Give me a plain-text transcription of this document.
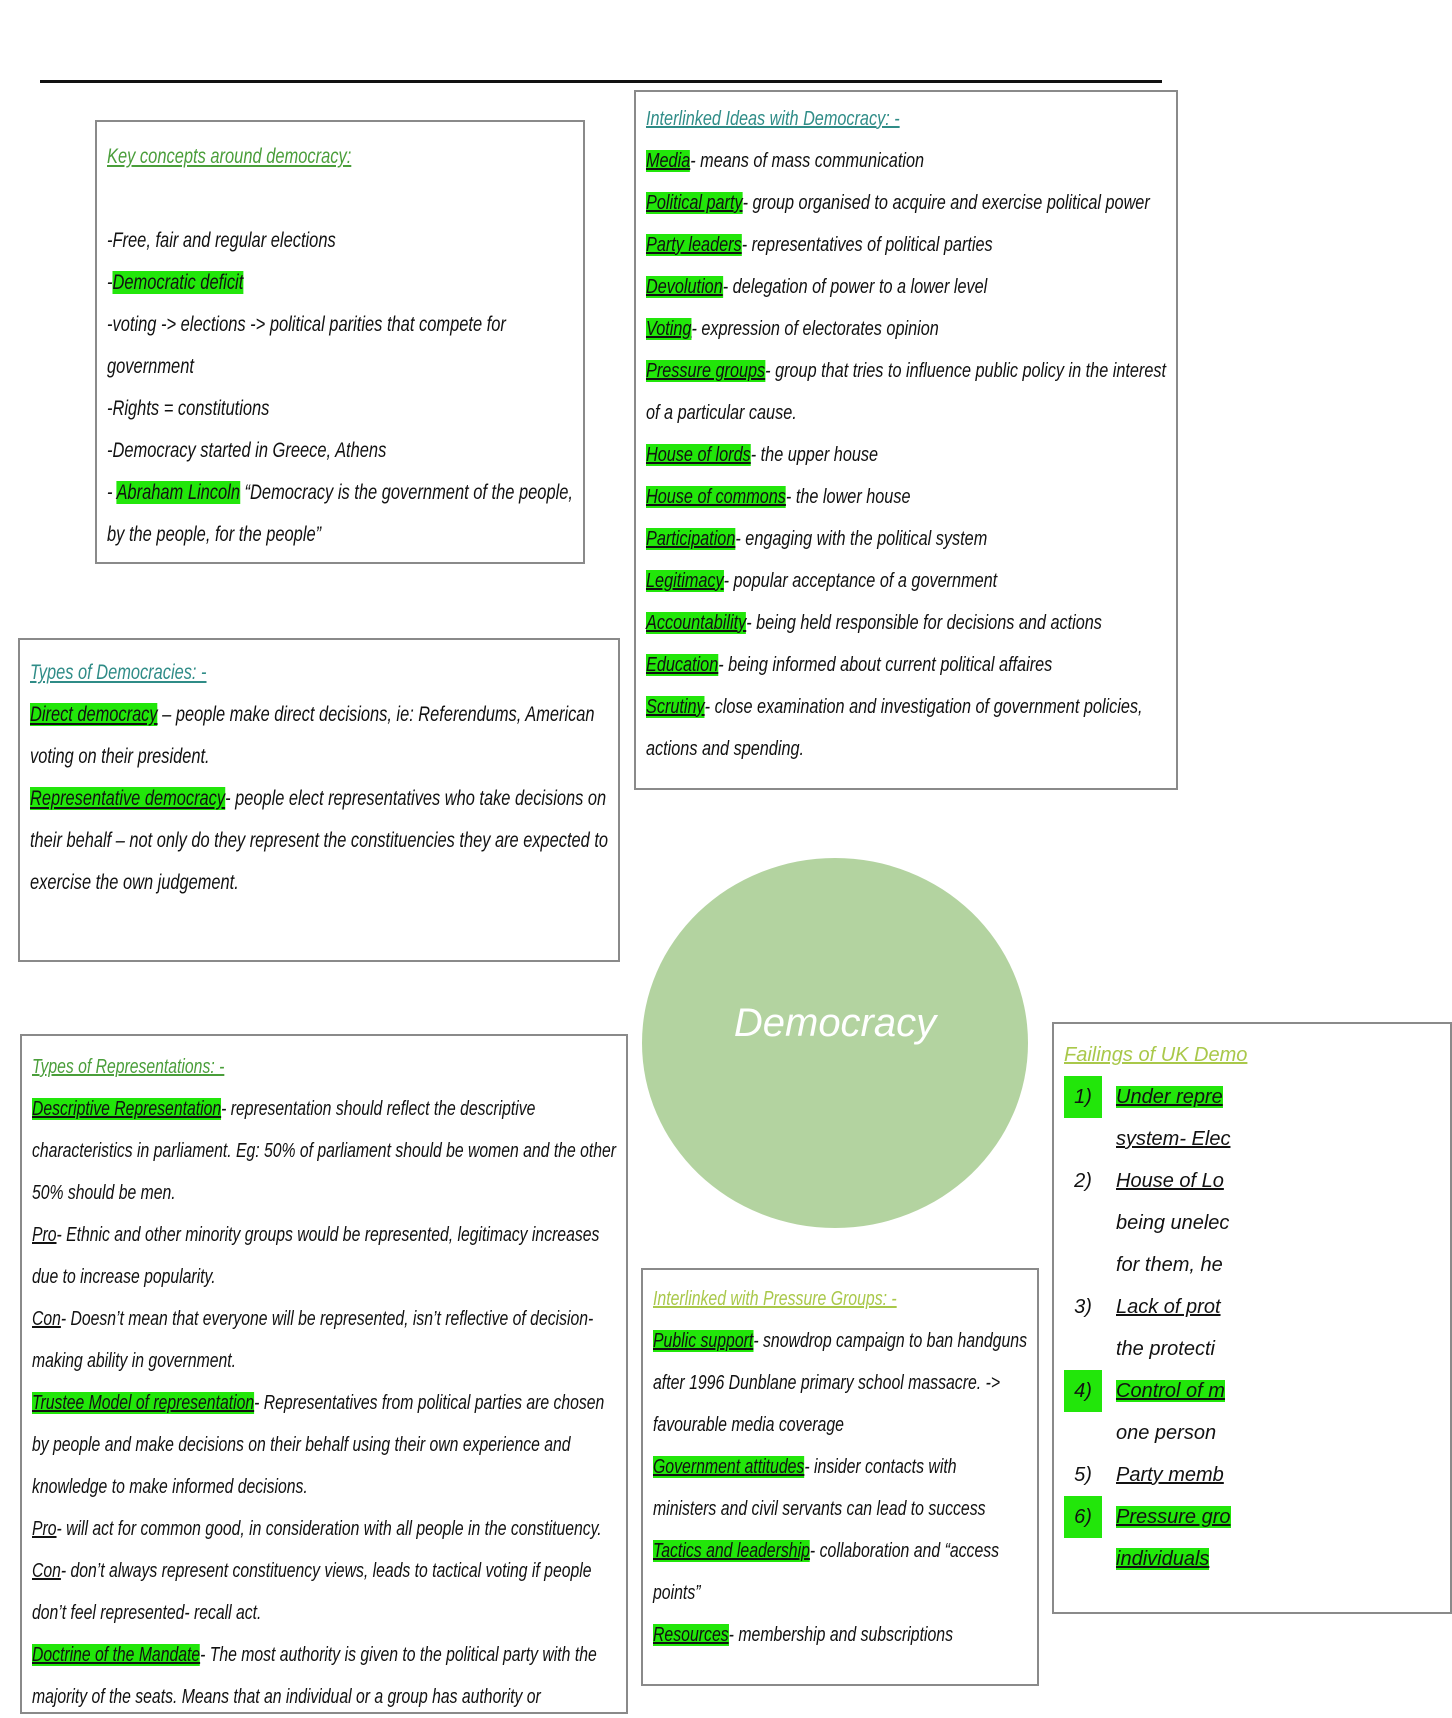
Key concepts around democracy:

-Free, fair and regular elections

-Democratic deficit

-voting -> elections -> political parities that compete for

government

-Rights = constitutions

-Democracy started in Greece, Athens

- Abraham Lincoln “Democracy is the government of the people,

by the people, for the people”

Interlinked Ideas with Democracy: -

Media- means of mass communication

Political party- group organised to acquire and exercise political power

Party leaders- representatives of political parties

Devolution- delegation of power to a lower level

Voting- expression of electorates opinion

Pressure groups- group that tries to influence public policy in the interest

of a particular cause.

House of lords- the upper house

House of commons- the lower house

Participation- engaging with the political system

Legitimacy- popular acceptance of a government

Accountability- being held responsible for decisions and actions

Education- being informed about current political affaires

Scrutiny- close examination and investigation of government policies,

actions and spending.

Types of Democracies: -

Direct democracy – people make direct decisions, ie: Referendums, American

voting on their president.

Representative democracy- people elect representatives who take decisions on

their behalf – not only do they represent the constituencies they are expected to

exercise the own judgement.

Democracy

Types of Representations: -

Descriptive Representation- representation should reflect the descriptive

characteristics in parliament. Eg: 50% of parliament should be women and the other

50% should be men.

Pro- Ethnic and other minority groups would be represented, legitimacy increases

due to increase popularity.

Con- Doesn’t mean that everyone will be represented, isn’t reflective of decision-

making ability in government.

Trustee Model of representation- Representatives from political parties are chosen

by people and make decisions on their behalf using their own experience and

knowledge to make informed decisions.

Pro- will act for common good, in consideration with all people in the constituency.

Con- don’t always represent constituency views, leads to tactical voting if people

don’t feel represented- recall act.

Doctrine of the Mandate- The most authority is given to the political party with the

majority of the seats. Means that an individual or a group has authority or

Interlinked with Pressure Groups: -

Public support- snowdrop campaign to ban handguns

after 1996 Dunblane primary school massacre. ->

favourable media coverage

Government attitudes- insider contacts with

ministers and civil servants can lead to success

Tactics and leadership- collaboration and “access

points”

Resources- membership and subscriptions

Failings of UK Demo

1)	Under repre

system- Elec

2)	House of Lo

being unelec

for them, he

3)	Lack of prot

the protecti

4)	Control of m

one person

5)	Party memb

6)	Pressure gro

individuals
